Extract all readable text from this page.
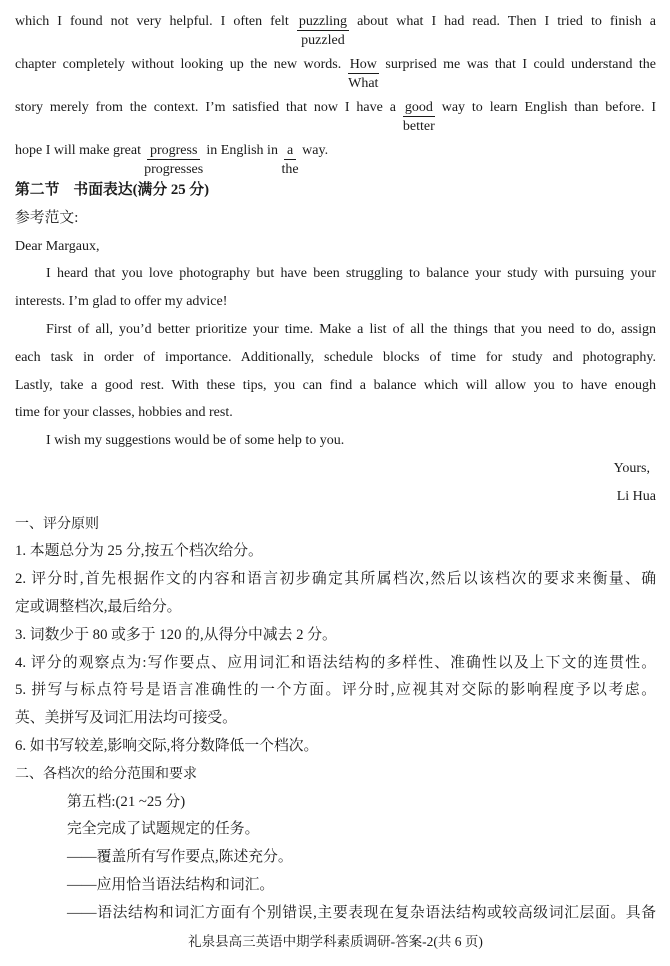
which I found not very helpful. I often felt puzzling
puzzled
about what I had read. Then I tried to finish a
chapter completely without looking up the new words. How
What
surprised me was that I could understand the
story merely from the context. I’m satisfied that now I have a good
better
way to learn English than before. I
hope I will make great progress
progresses
in English in a
the
way.
第二节 书面表达(满分 25 分)
参考范文:
Dear Margaux,
I heard that you love photography but have been struggling to balance your study with pursuing your
interests. I’m glad to offer my advice!
First of all, you’d better prioritize your time. Make a list of all the things that you need to do, assign
each task in order of importance. Additionally, schedule blocks of time for study and photography.
Lastly, take a good rest. With these tips, you can find a balance which will allow you to have enough
time for your classes, hobbies and rest.
I wish my suggestions would be of some help to you.
Yours,
Li Hua
一、评分原则
1. 本题总分为 25 分,按五个档次给分。
2. 评分时,首先根据作文的内容和语言初步确定其所属档次,然后以该档次的要求来衡量、确
定或调整档次,最后给分。
3. 词数少于 80 或多于 120 的,从得分中减去 2 分。
4. 评分的观察点为:写作要点、应用词汇和语法结构的多样性、准确性以及上下文的连贯性。
5. 拼写与标点符号是语言准确性的一个方面。评分时,应视其对交际的影响程度予以考虑。
英、美拼写及词汇用法均可接受。
6. 如书写较差,影响交际,将分数降低一个档次。
二、各档次的给分范围和要求
第五档:(21 ~25 分)
完全完成了试题规定的任务。
——覆盖所有写作要点,陈述充分。
——应用恰当语法结构和词汇。
——语法结构和词汇方面有个别错误,主要表现在复杂语法结构或较高级词汇层面。具备
礼泉县高三英语中期学科素质调研-答案-2(共 6 页)
